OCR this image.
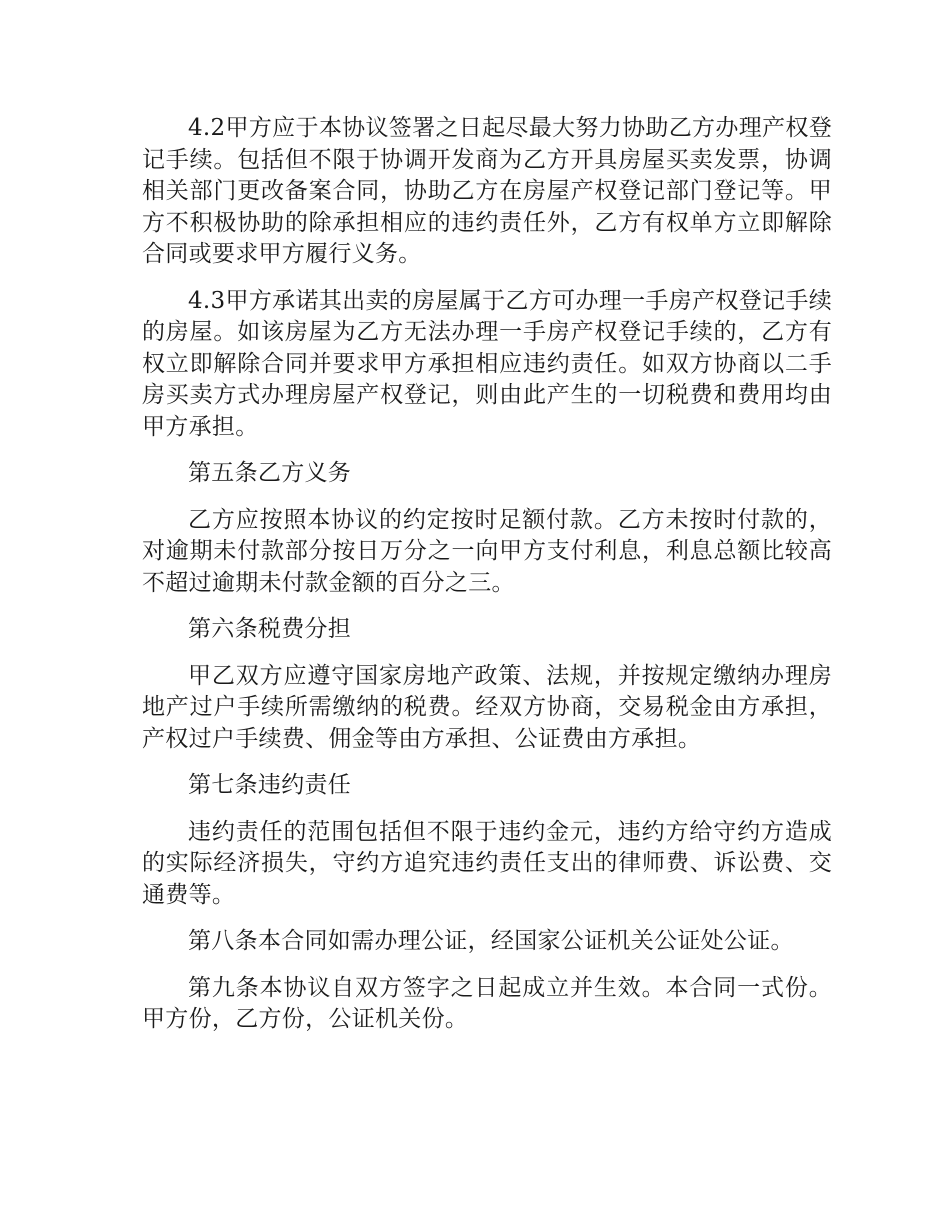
4.2甲方应于本协议签署之日起尽最大努力协助乙方办理产权登记手续。包括但不限于协调开发商为乙方开具房屋买卖发票，协调相关部门更改备案合同，协助乙方在房屋产权登记部门登记等。甲方不积极协助的除承担相应的违约责任外，乙方有权单方立即解除合同或要求甲方履行义务。

4.3甲方承诺其出卖的房屋属于乙方可办理一手房产权登记手续的房屋。如该房屋为乙方无法办理一手房产权登记手续的，乙方有权立即解除合同并要求甲方承担相应违约责任。如双方协商以二手房买卖方式办理房屋产权登记，则由此产生的一切税费和费用均由甲方承担。

第五条乙方义务

乙方应按照本协议的约定按时足额付款。乙方未按时付款的，对逾期未付款部分按日万分之一向甲方支付利息，利息总额比较高不超过逾期未付款金额的百分之三。

第六条税费分担

甲乙双方应遵守国家房地产政策、法规，并按规定缴纳办理房地产过户手续所需缴纳的税费。经双方协商，交易税金由方承担，产权过户手续费、佣金等由方承担、公证费由方承担。

第七条违约责任

违约责任的范围包括但不限于违约金元，违约方给守约方造成的实际经济损失，守约方追究违约责任支出的律师费、诉讼费、交通费等。

第八条本合同如需办理公证，经国家公证机关公证处公证。

第九条本协议自双方签字之日起成立并生效。本合同一式份。甲方份，乙方份，公证机关份。
